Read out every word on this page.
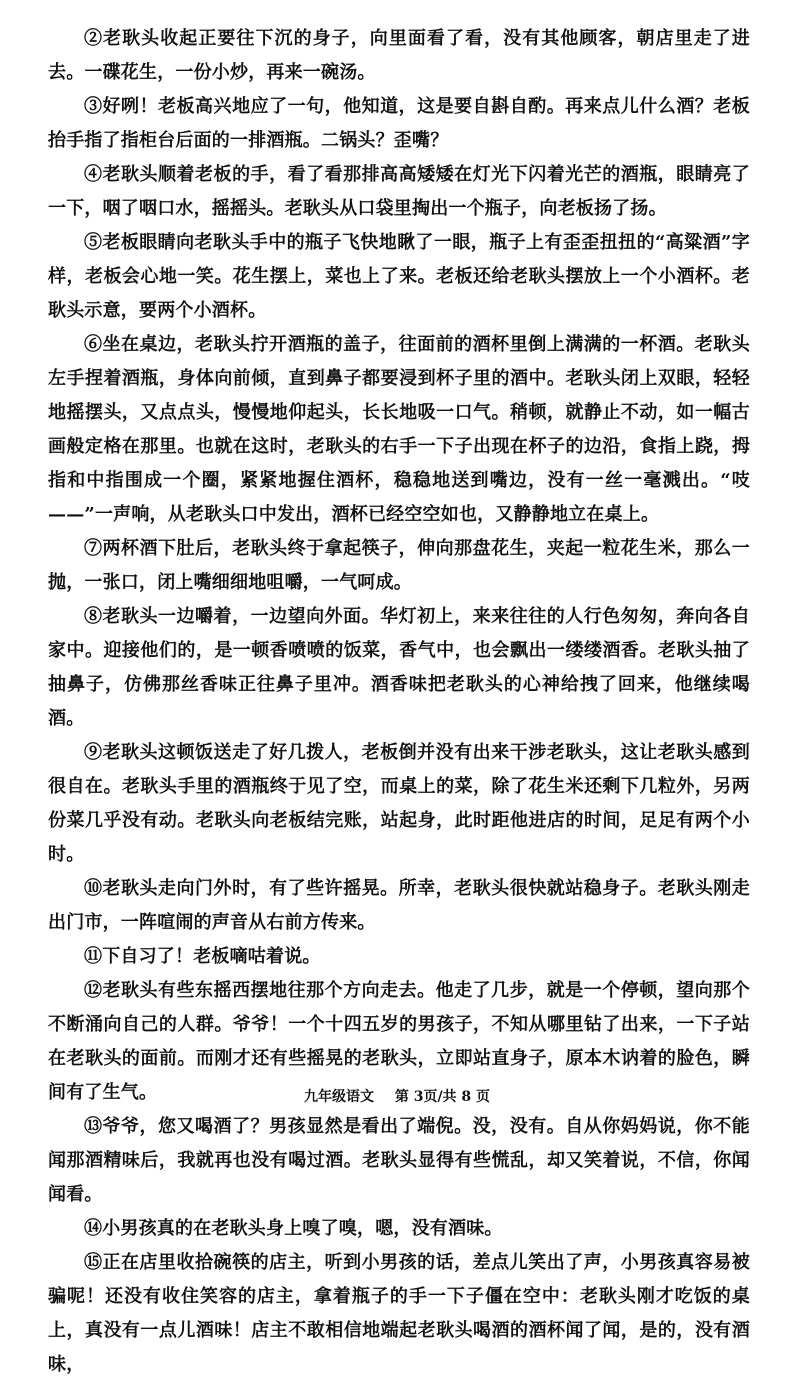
②老耿头收起正要往下沉的身子，向里面看了看，没有其他顾客，朝店里走了进去。一碟花生，一份小炒，再来一碗汤。

③好咧！老板高兴地应了一句，他知道，这是要自斟自酌。再来点儿什么酒？老板抬手指了指柜台后面的一排酒瓶。二锅头？歪嘴？

④老耿头顺着老板的手，看了看那排高高矮矮在灯光下闪着光芒的酒瓶，眼睛亮了一下，咽了咽口水，摇摇头。老耿头从口袋里掏出一个瓶子，向老板扬了扬。

⑤老板眼睛向老耿头手中的瓶子飞快地瞅了一眼，瓶子上有歪歪扭扭的“高粱酒”字样，老板会心地一笑。花生摆上，菜也上了来。老板还给老耿头摆放上一个小酒杯。老耿头示意，要两个小酒杯。

⑥坐在桌边，老耿头拧开酒瓶的盖子，往面前的酒杯里倒上满满的一杯酒。老耿头左手捏着酒瓶，身体向前倾，直到鼻子都要浸到杯子里的酒中。老耿头闭上双眼，轻轻地摇摆头，又点点头，慢慢地仰起头，长长地吸一口气。稍顿，就静止不动，如一幅古画般定格在那里。也就在这时，老耿头的右手一下子出现在杯子的边沿，食指上跷，拇指和中指围成一个圈，紧紧地握住酒杯，稳稳地送到嘴边，没有一丝一毫溅出。“吱——”一声响，从老耿头口中发出，酒杯已经空空如也，又静静地立在桌上。

⑦两杯酒下肚后，老耿头终于拿起筷子，伸向那盘花生，夹起一粒花生米，那么一抛，一张口，闭上嘴细细地咀嚼，一气呵成。

⑧老耿头一边嚼着，一边望向外面。华灯初上，来来往往的人行色匆匆，奔向各自家中。迎接他们的，是一顿香喷喷的饭菜，香气中，也会飘出一缕缕酒香。老耿头抽了抽鼻子，仿佛那丝香味正往鼻子里冲。酒香味把老耿头的心神给拽了回来，他继续喝酒。

⑨老耿头这顿饭送走了好几拨人，老板倒并没有出来干涉老耿头，这让老耿头感到很自在。老耿头手里的酒瓶终于见了空，而桌上的菜，除了花生米还剩下几粒外，另两份菜几乎没有动。老耿头向老板结完账，站起身，此时距他进店的时间，足足有两个小时。

⑩老耿头走向门外时，有了些许摇晃。所幸，老耿头很快就站稳身子。老耿头刚走出门市，一阵喧闹的声音从右前方传来。

⑪下自习了！老板嘀咕着说。

⑫老耿头有些东摇西摆地往那个方向走去。他走了几步，就是一个停顿，望向那个不断涌向自己的人群。爷爷！一个十四五岁的男孩子，不知从哪里钻了出来，一下子站在老耿头的面前。而刚才还有些摇晃的老耿头，立即站直身子，原本木讷着的脸色，瞬间有了生气。

⑬爷爷，您又喝酒了？男孩显然是看出了端倪。没，没有。自从你妈妈说，你不能闻那酒精味后，我就再也没有喝过酒。老耿头显得有些慌乱，却又笑着说，不信，你闻闻看。

⑭小男孩真的在老耿头身上嗅了嗅，嗯，没有酒味。

⑮正在店里收拾碗筷的店主，听到小男孩的话，差点儿笑出了声，小男孩真容易被骗呢！还没有收住笑容的店主，拿着瓶子的手一下子僵在空中：老耿头刚才吃饭的桌上，真没有一点儿酒味！店主不敢相信地端起老耿头喝酒的酒杯闻了闻，是的，没有酒味，

九年级语文 第 3页/共 8 页
